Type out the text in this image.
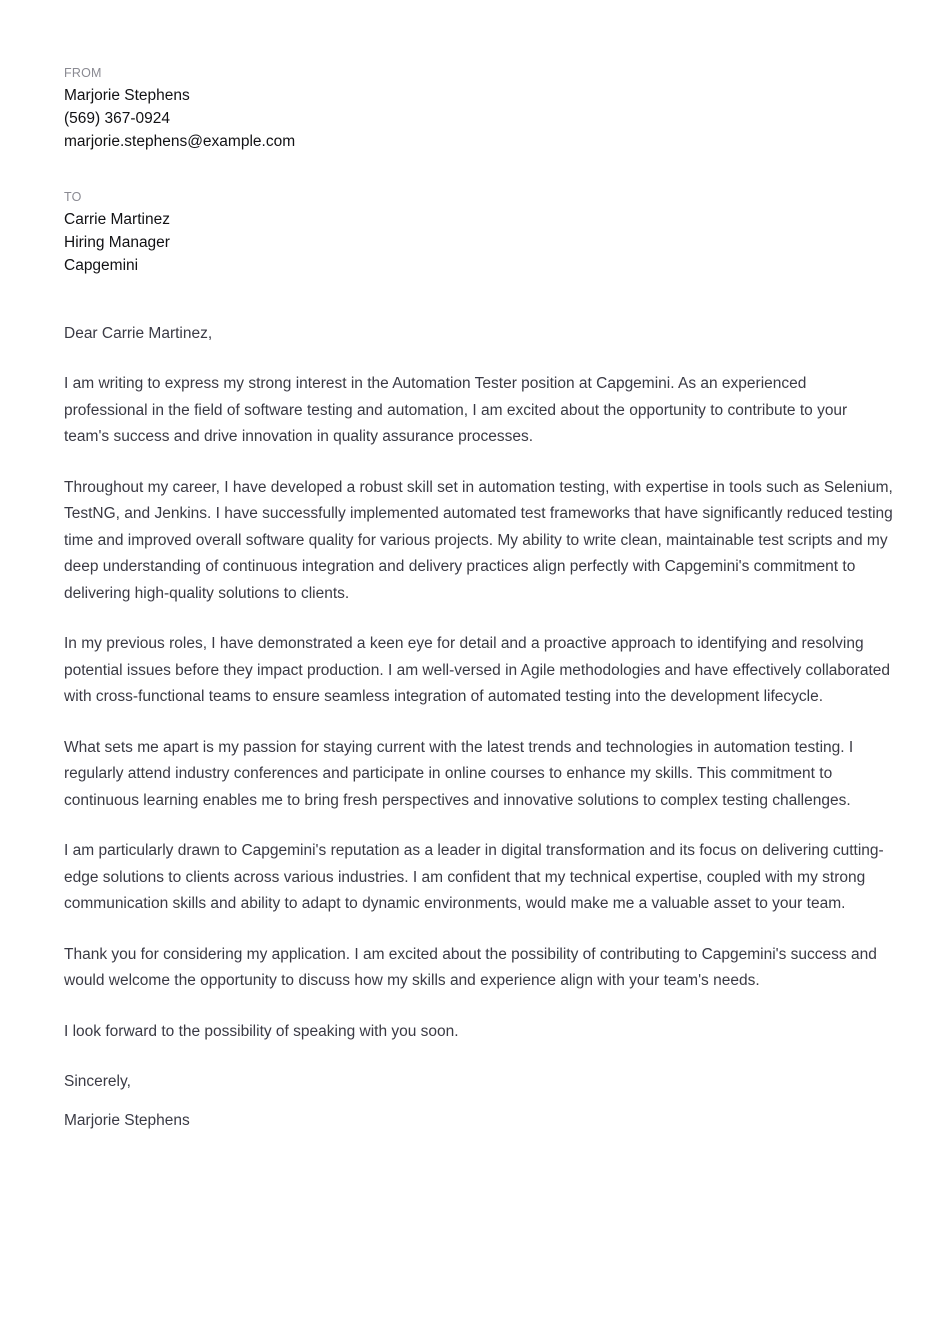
FROM
Marjorie Stephens
(569) 367-0924
marjorie.stephens@example.com
TO
Carrie Martinez
Hiring Manager
Capgemini
Dear Carrie Martinez,
I am writing to express my strong interest in the Automation Tester position at Capgemini. As an experienced professional in the field of software testing and automation, I am excited about the opportunity to contribute to your team's success and drive innovation in quality assurance processes.
Throughout my career, I have developed a robust skill set in automation testing, with expertise in tools such as Selenium, TestNG, and Jenkins. I have successfully implemented automated test frameworks that have significantly reduced testing time and improved overall software quality for various projects. My ability to write clean, maintainable test scripts and my deep understanding of continuous integration and delivery practices align perfectly with Capgemini's commitment to delivering high-quality solutions to clients.
In my previous roles, I have demonstrated a keen eye for detail and a proactive approach to identifying and resolving potential issues before they impact production. I am well-versed in Agile methodologies and have effectively collaborated with cross-functional teams to ensure seamless integration of automated testing into the development lifecycle.
What sets me apart is my passion for staying current with the latest trends and technologies in automation testing. I regularly attend industry conferences and participate in online courses to enhance my skills. This commitment to continuous learning enables me to bring fresh perspectives and innovative solutions to complex testing challenges.
I am particularly drawn to Capgemini's reputation as a leader in digital transformation and its focus on delivering cutting-edge solutions to clients across various industries. I am confident that my technical expertise, coupled with my strong communication skills and ability to adapt to dynamic environments, would make me a valuable asset to your team.
Thank you for considering my application. I am excited about the possibility of contributing to Capgemini's success and would welcome the opportunity to discuss how my skills and experience align with your team's needs.
I look forward to the possibility of speaking with you soon.
Sincerely,
Marjorie Stephens
